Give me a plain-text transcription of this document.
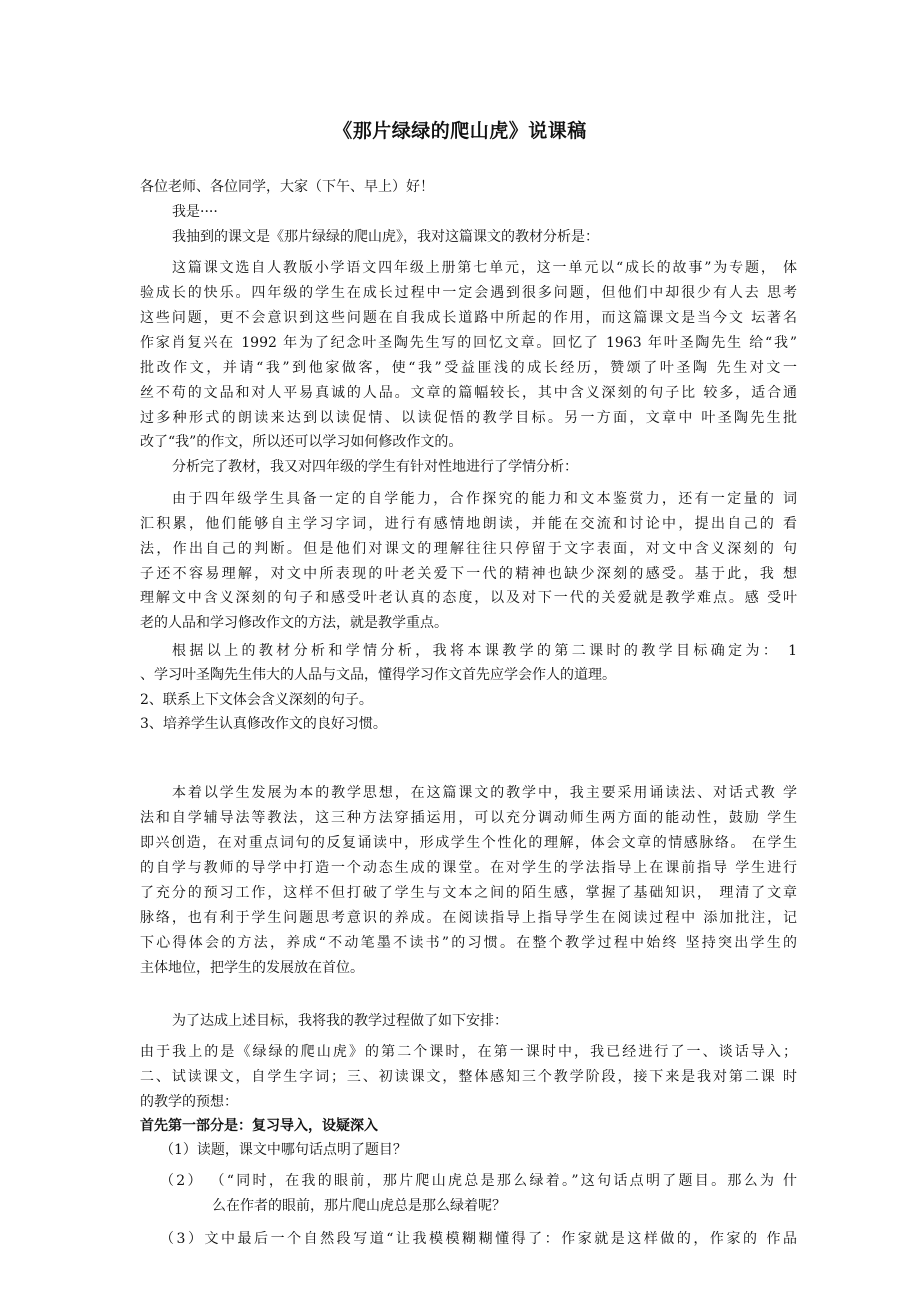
《那片绿绿的爬山虎》说课稿
各位老师、各位同学，大家（下午、早上）好！
我是····
我抽到的课文是《那片绿绿的爬山虎》，我对这篇课文的教材分析是：
这篇课文选自人教版小学语文四年级上册第七单元，这一单元以“成长的故事”为专题， 体
验成长的快乐。四年级的学生在成长过程中一定会遇到很多问题，但他们中却很少有人去 思考
这些问题，更不会意识到这些问题在自我成长道路中所起的作用，而这篇课文是当今文 坛著名
作家肖复兴在 1992 年为了纪念叶圣陶先生写的回忆文章。回忆了 1963 年叶圣陶先生 给“我”
批改作文，并请“我”到他家做客，使“我”受益匪浅的成长经历，赞颂了叶圣陶 先生对文一
丝不苟的文品和对人平易真诚的人品。文章的篇幅较长，其中含义深刻的句子比 较多，适合通
过多种形式的朗读来达到以读促情、以读促悟的教学目标。另一方面，文章中 叶圣陶先生批
改了“我”的作文，所以还可以学习如何修改作文的。
分析完了教材，我又对四年级的学生有针对性地进行了学情分析：
由于四年级学生具备一定的自学能力，合作探究的能力和文本鉴赏力，还有一定量的 词
汇积累，他们能够自主学习字词，进行有感情地朗读，并能在交流和讨论中，提出自己的 看
法，作出自己的判断。但是他们对课文的理解往往只停留于文字表面，对文中含义深刻的 句
子还不容易理解，对文中所表现的叶老关爱下一代的精神也缺少深刻的感受。基于此，我 想
理解文中含义深刻的句子和感受叶老认真的态度，以及对下一代的关爱就是教学难点。感 受叶
老的人品和学习修改作文的方法，就是教学重点。
根据以上的教材分析和学情分析，我将本课教学的第二课时的教学目标确定为： 1
、学习叶圣陶先生伟大的人品与文品，懂得学习作文首先应学会作人的道理。
2、联系上下文体会含义深刻的句子。
3、培养学生认真修改作文的良好习惯。
本着以学生发展为本的教学思想，在这篇课文的教学中，我主要采用诵读法、对话式教 学
法和自学辅导法等教法，这三种方法穿插运用，可以充分调动师生两方面的能动性，鼓励 学生
即兴创造，在对重点词句的反复诵读中，形成学生个性化的理解，体会文章的情感脉络。 在学生
的自学与教师的导学中打造一个动态生成的课堂。在对学生的学法指导上在课前指导 学生进行
了充分的预习工作，这样不但打破了学生与文本之间的陌生感，掌握了基础知识， 理清了文章
脉络，也有利于学生问题思考意识的养成。在阅读指导上指导学生在阅读过程中 添加批注，记
下心得体会的方法，养成“不动笔墨不读书”的习惯。在整个教学过程中始终 坚持突出学生的
主体地位，把学生的发展放在首位。
为了达成上述目标，我将我的教学过程做了如下安排：
由于我上的是《绿绿的爬山虎》的第二个课时，在第一课时中，我已经进行了一、谈话导入；
二、试读课文，自学生字词；三、初读课文，整体感知三个教学阶段，接下来是我对第二课 时
的教学的预想：
首先第一部分是：复习导入，设疑深入
（1）读题，课文中哪句话点明了题目？
（2） （“同时，在我的眼前，那片爬山虎总是那么绿着。”这句话点明了题目。那么为 什
么在作者的眼前，那片爬山虎总是那么绿着呢？
（3）文中最后一个自然段写道“让我模模糊糊懂得了：作家就是这样做的，作家的 作品
